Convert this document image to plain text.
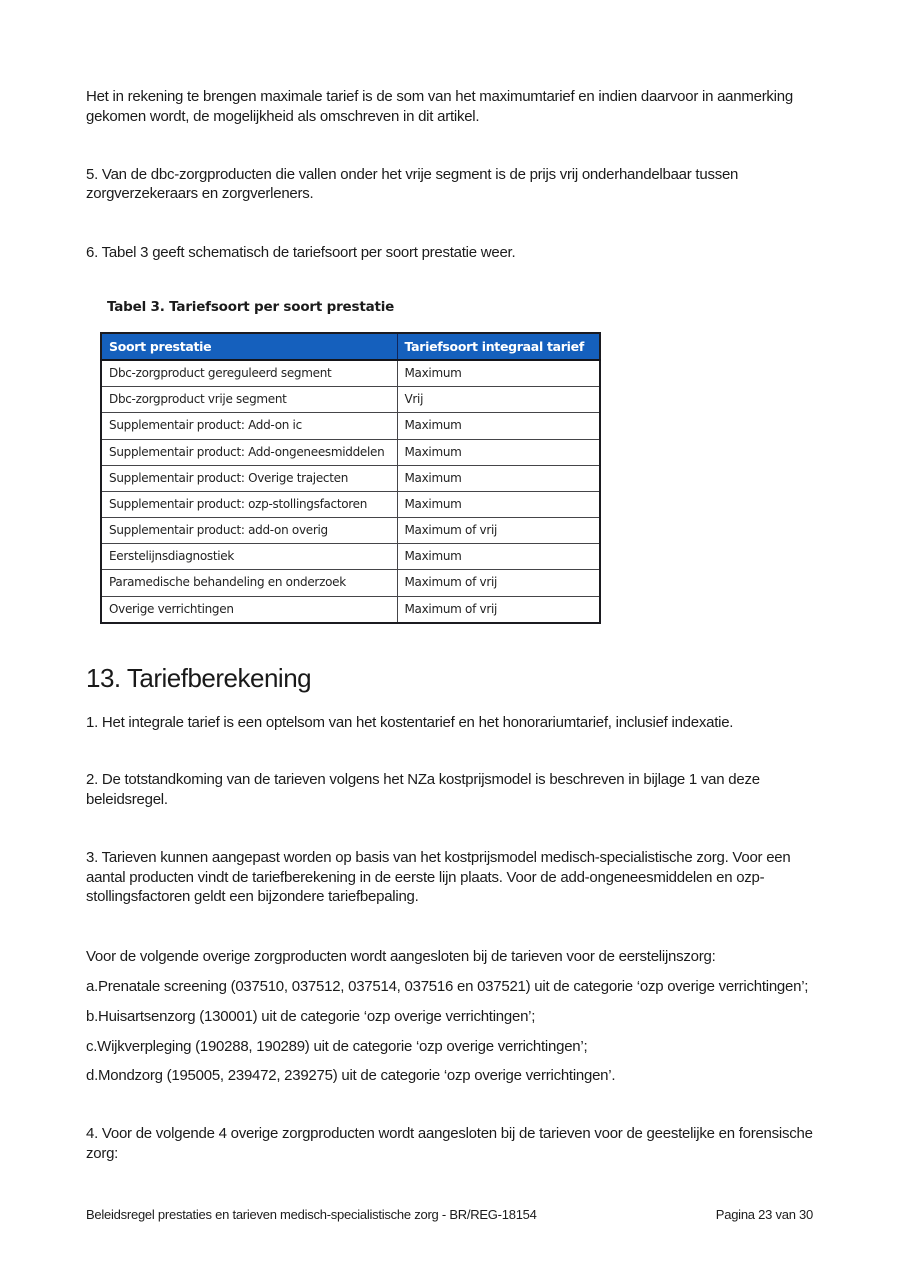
Het in rekening te brengen maximale tarief is de som van het maximumtarief en indien daarvoor in aanmerking gekomen wordt, de mogelijkheid als omschreven in dit artikel.

5. Van de dbc-zorgproducten die vallen onder het vrije segment is de prijs vrij onderhandelbaar tussen zorgverzekeraars en zorgverleners.

6. Tabel 3 geeft schematisch de tariefsoort per soort prestatie weer.

Tabel 3. Tariefsoort per soort prestatie
Soort prestatie	Tariefsoort integraal tarief
Dbc-zorgproduct gereguleerd segment	Maximum
Dbc-zorgproduct vrije segment	Vrij
Supplementair product: Add-on ic	Maximum
Supplementair product: Add-ongeneesmiddelen	Maximum
Supplementair product: Overige trajecten	Maximum
Supplementair product: ozp-stollingsfactoren	Maximum
Supplementair product: add-on overig	Maximum of vrij
Eerstelijnsdiagnostiek	Maximum
Paramedische behandeling en onderzoek	Maximum of vrij
Overige verrichtingen	Maximum of vrij
13. Tariefberekening

1. Het integrale tarief is een optelsom van het kostentarief en het honorariumtarief, inclusief indexatie.

2. De totstandkoming van de tarieven volgens het NZa kostprijsmodel is beschreven in bijlage 1 van deze beleidsregel.

3. Tarieven kunnen aangepast worden op basis van het kostprijsmodel medisch-specialistische zorg. Voor een aantal producten vindt de tariefberekening in de eerste lijn plaats. Voor de add-ongeneesmiddelen en ozp-stollingsfactoren geldt een bijzondere tariefbepaling.

Voor de volgende overige zorgproducten wordt aangesloten bij de tarieven voor de eerstelijnszorg:

a.Prenatale screening (037510, 037512, 037514, 037516 en 037521) uit de categorie ‘ozp overige verrichtingen’;

b.Huisartsenzorg (130001) uit de categorie ‘ozp overige verrichtingen’;

c.Wijkverpleging (190288, 190289) uit de categorie ‘ozp overige verrichtingen’;

d.Mondzorg (195005, 239472, 239275) uit de categorie ‘ozp overige verrichtingen’.

4. Voor de volgende 4 overige zorgproducten wordt aangesloten bij de tarieven voor de geestelijke en forensische zorg:

Beleidsregel prestaties en tarieven medisch-specialistische zorg - BR/REG-18154	Pagina 23 van 30
